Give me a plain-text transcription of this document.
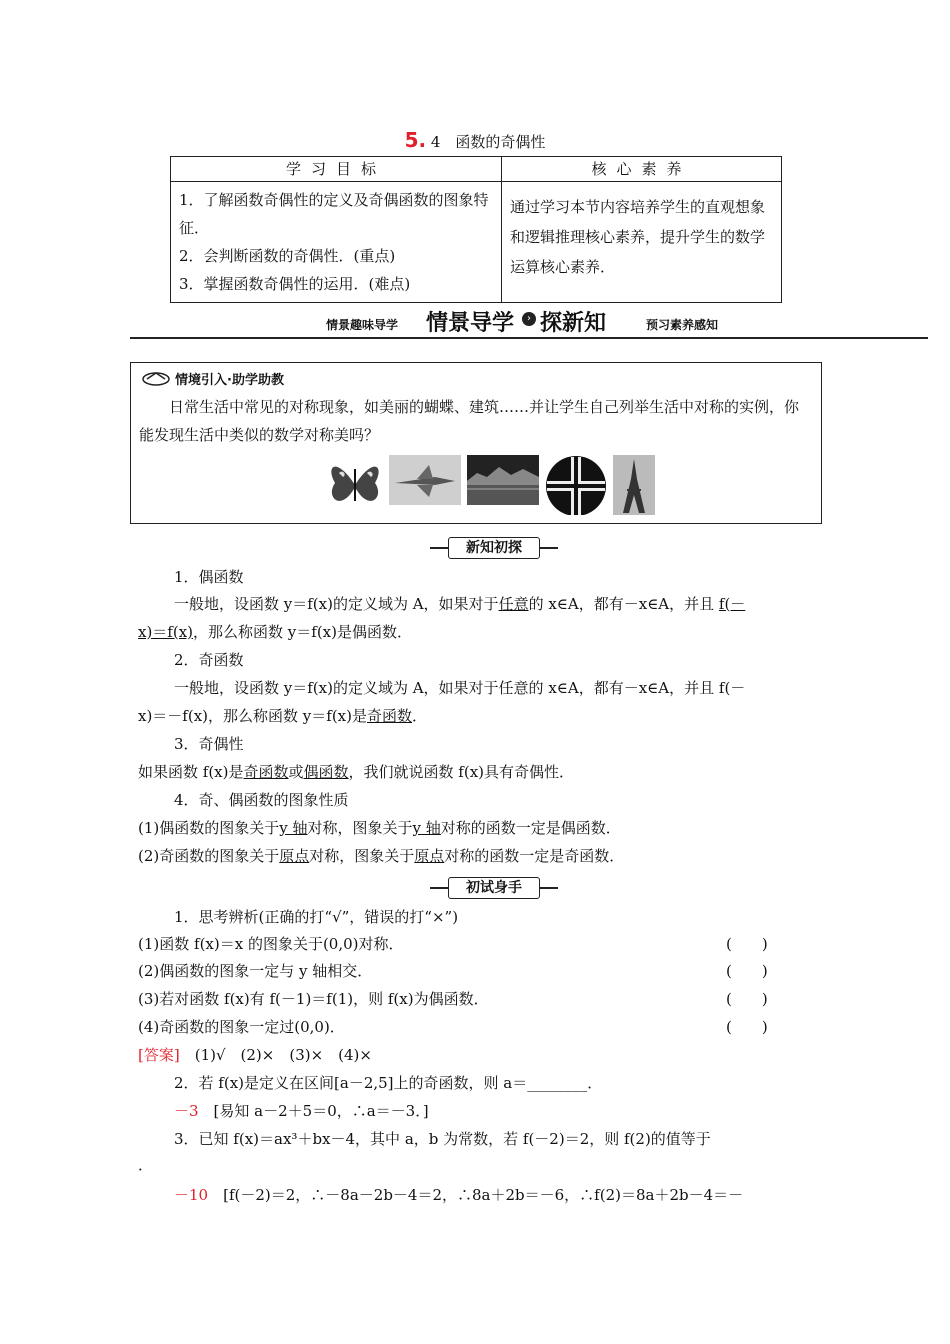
5. 4　函数的奇偶性
学习目标	核心素养

1．了解函数奇偶性的定义及奇偶函数的图象特征．
2．会判断函数的奇偶性．(重点)
3．掌握函数奇偶性的运用．(难点)	通过学习本节内容培养学生的直观想象和逻辑推理核心素养，提升学生的数学运算核心素养．
情景趣味导学 情景导学	› 探新知	预习素养感知
情境引入·助学助教
日常生活中常见的对称现象，如美丽的蝴蝶、建筑……并让学生自己列举生活中对称的实例，你能发现生活中类似的数学对称美吗？
新知初探
1．偶函数
一般地，设函数 y＝f(x)的定义域为 A，如果对于任意的 x∈A，都有－x∈A，并且 f(－
x)＝f(x)，那么称函数 y＝f(x)是偶函数．
2．奇函数
一般地，设函数 y＝f(x)的定义域为 A，如果对于任意的 x∈A，都有－x∈A，并且 f(－
x)＝－f(x)，那么称函数 y＝f(x)是奇函数．
3．奇偶性
如果函数 f(x)是奇函数或偶函数，我们就说函数 f(x)具有奇偶性．
4．奇、偶函数的图象性质
(1)偶函数的图象关于y 轴对称，图象关于y 轴对称的函数一定是偶函数．
(2)奇函数的图象关于原点对称，图象关于原点对称的函数一定是奇函数．
初试身手
1．思考辨析(正确的打“√”，错误的打“×”)
(1)函数 f(x)＝x 的图象关于(0,0)对称．	(　　)
(2)偶函数的图象一定与 y 轴相交．	(　　)
(3)若对函数 f(x)有 f(－1)＝f(1)，则 f(x)为偶函数．	(　　)
(4)奇函数的图象一定过(0,0)．	(　　)
[答案]　(1)√　(2)×　(3)×　(4)×
2．若 f(x)是定义在区间[a－2,5]上的奇函数，则 a＝________．
－3　[易知 a－2＋5＝0，∴a＝－3．]
3．已知 f(x)＝ax³＋bx－4，其中 a，b 为常数，若 f(－2)＝2，则 f(2)的值等于
．
－10　[f(－2)＝2，∴－8a－2b－4＝2，∴8a＋2b＝－6，∴f(2)＝8a＋2b－4＝－
